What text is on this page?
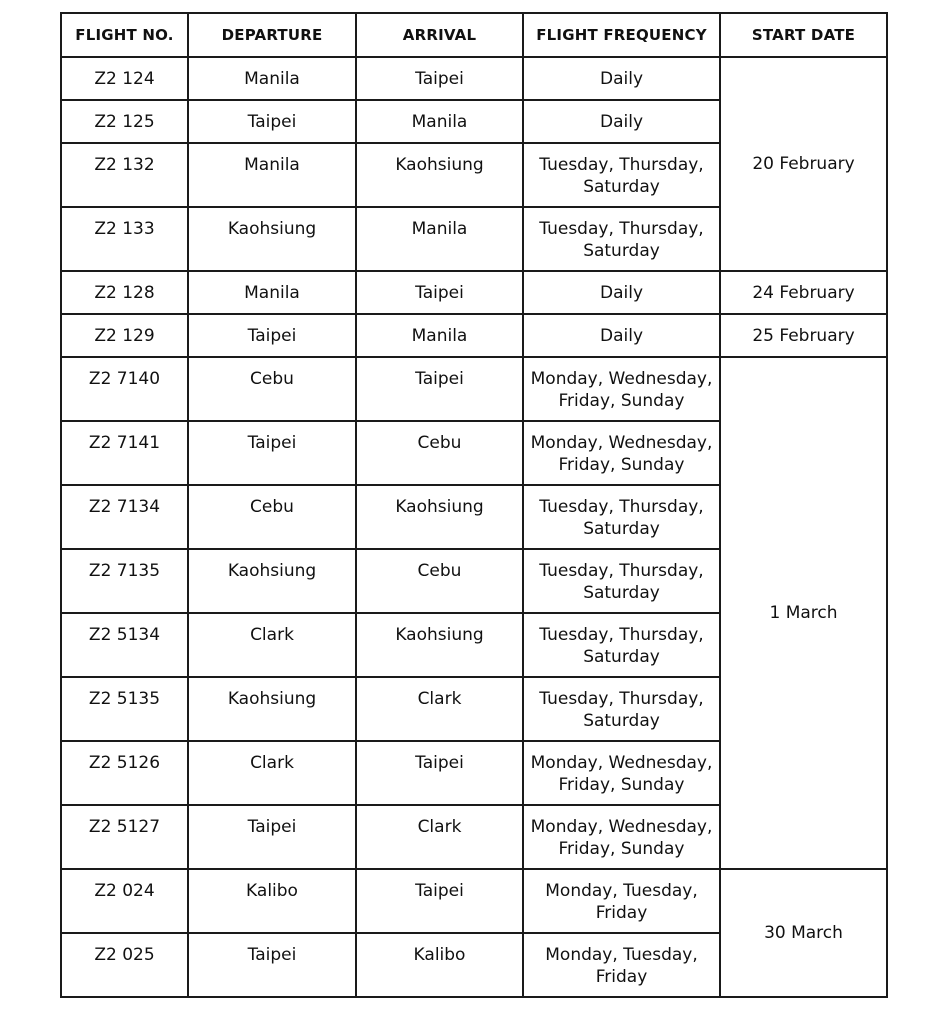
FLIGHT NO.	DEPARTURE	ARRIVAL	FLIGHT FREQUENCY	START DATE
Z2 124	Manila	Taipei	Daily	20 February
Z2 125	Taipei	Manila	Daily	
Z2 132	Manila	Kaohsiung	Tuesday, Thursday, Saturday	
Z2 133	Kaohsiung	Manila	Tuesday, Thursday, Saturday	
Z2 128	Manila	Taipei	Daily	24 February
Z2 129	Taipei	Manila	Daily	25 February
Z2 7140	Cebu	Taipei	Monday, Wednesday, Friday, Sunday	1 March
Z2 7141	Taipei	Cebu	Monday, Wednesday, Friday, Sunday	
Z2 7134	Cebu	Kaohsiung	Tuesday, Thursday, Saturday	
Z2 7135	Kaohsiung	Cebu	Tuesday, Thursday, Saturday	
Z2 5134	Clark	Kaohsiung	Tuesday, Thursday, Saturday	
Z2 5135	Kaohsiung	Clark	Tuesday, Thursday, Saturday	
Z2 5126	Clark	Taipei	Monday, Wednesday, Friday, Sunday	
Z2 5127	Taipei	Clark	Monday, Wednesday, Friday, Sunday	
Z2 024	Kalibo	Taipei	Monday, Tuesday, Friday	30 March
Z2 025	Taipei	Kalibo	Monday, Tuesday, Friday	
